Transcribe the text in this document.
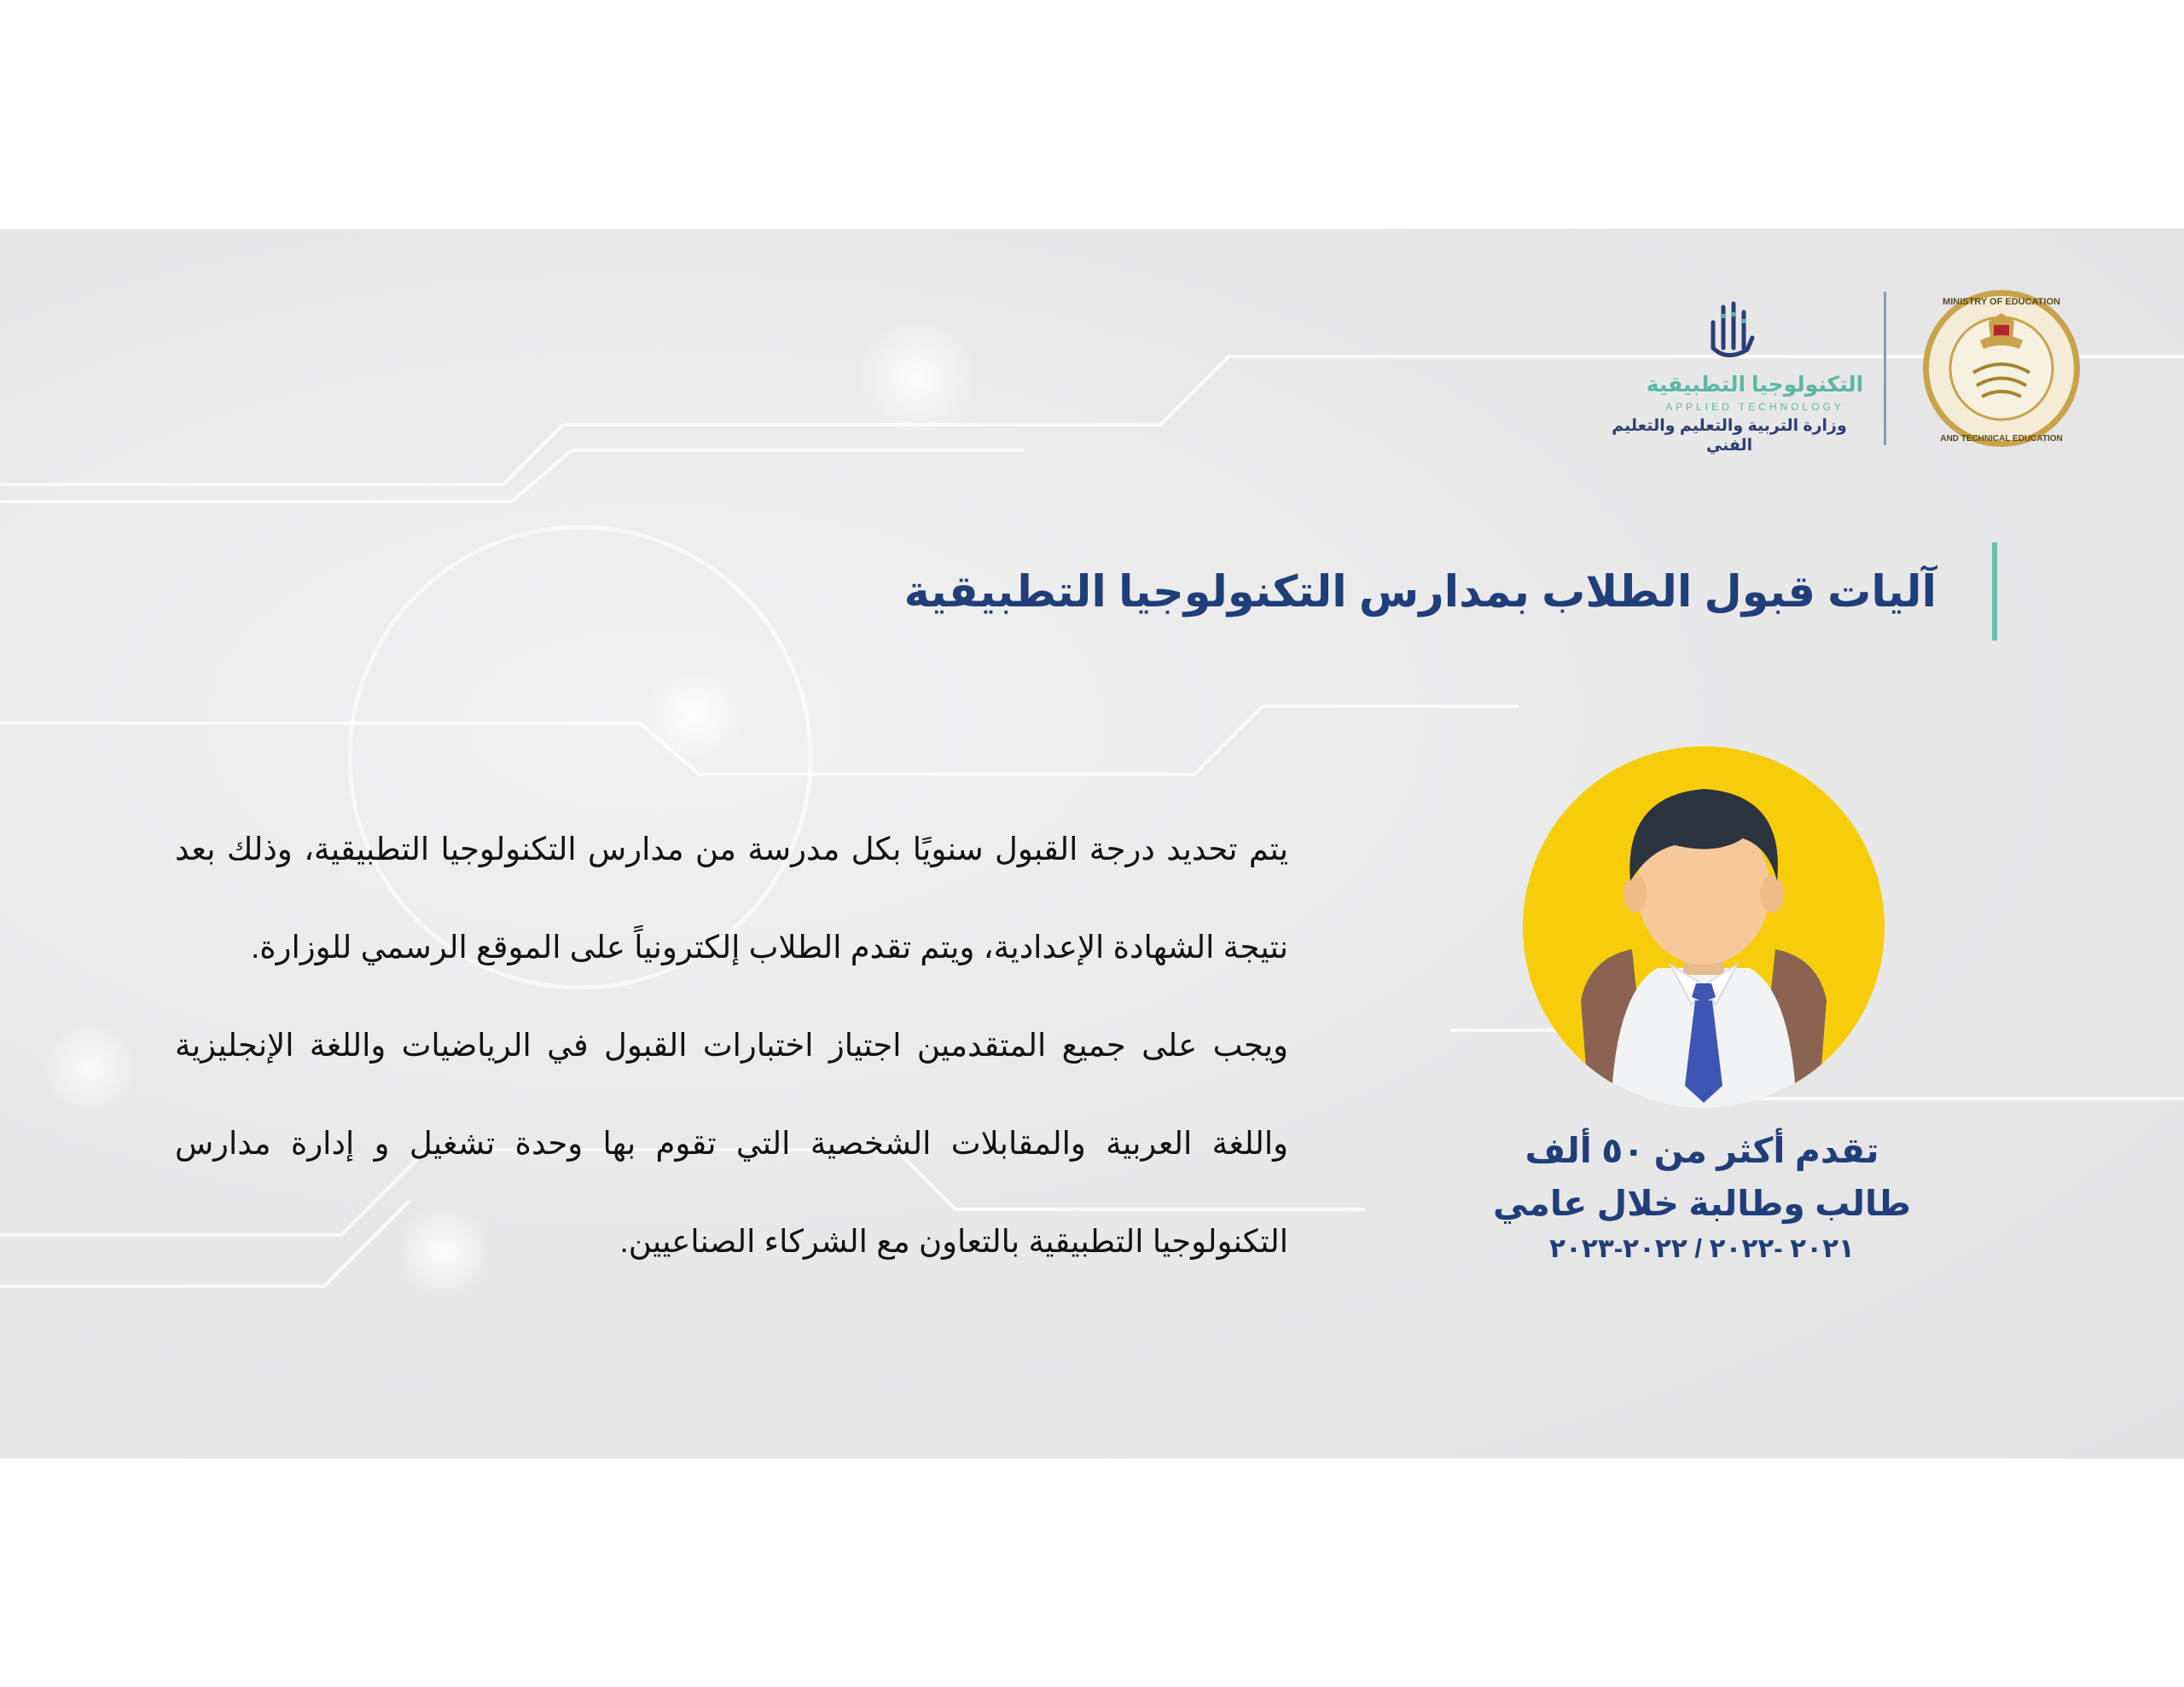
MINISTRY OF EDUCATION
AND TECHNICAL EDUCATION
التكنولوجيا التطبيقية
APPLIED TECHNOLOGY
وزارة التربية والتعليم والتعليم الفني
آليات قبول الطلاب بمدارس التكنولوجيا التطبيقية

يتم تحديد درجة القبول سنويًا بكل مدرسة من مدارس التكنولوجيا التطبيقية، وذلك بعد نتيجة الشهادة الإعدادية، ويتم تقدم الطلاب إلكترونياً على الموقع الرسمي للوزارة.

ويجب على جميع المتقدمين اجتياز اختبارات القبول في الرياضيات واللغة الإنجليزية واللغة العربية والمقابلات الشخصية التي تقوم بها وحدة تشغيل و إدارة مدارس التكنولوجيا التطبيقية بالتعاون مع الشركاء الصناعيين.

تقدم أكثر من ٥٠ ألف
طالب وطالبة خلال عامي
٢٠٢١ -٢٠٢٢ / ٢٠٢٢-٢٠٢٣
